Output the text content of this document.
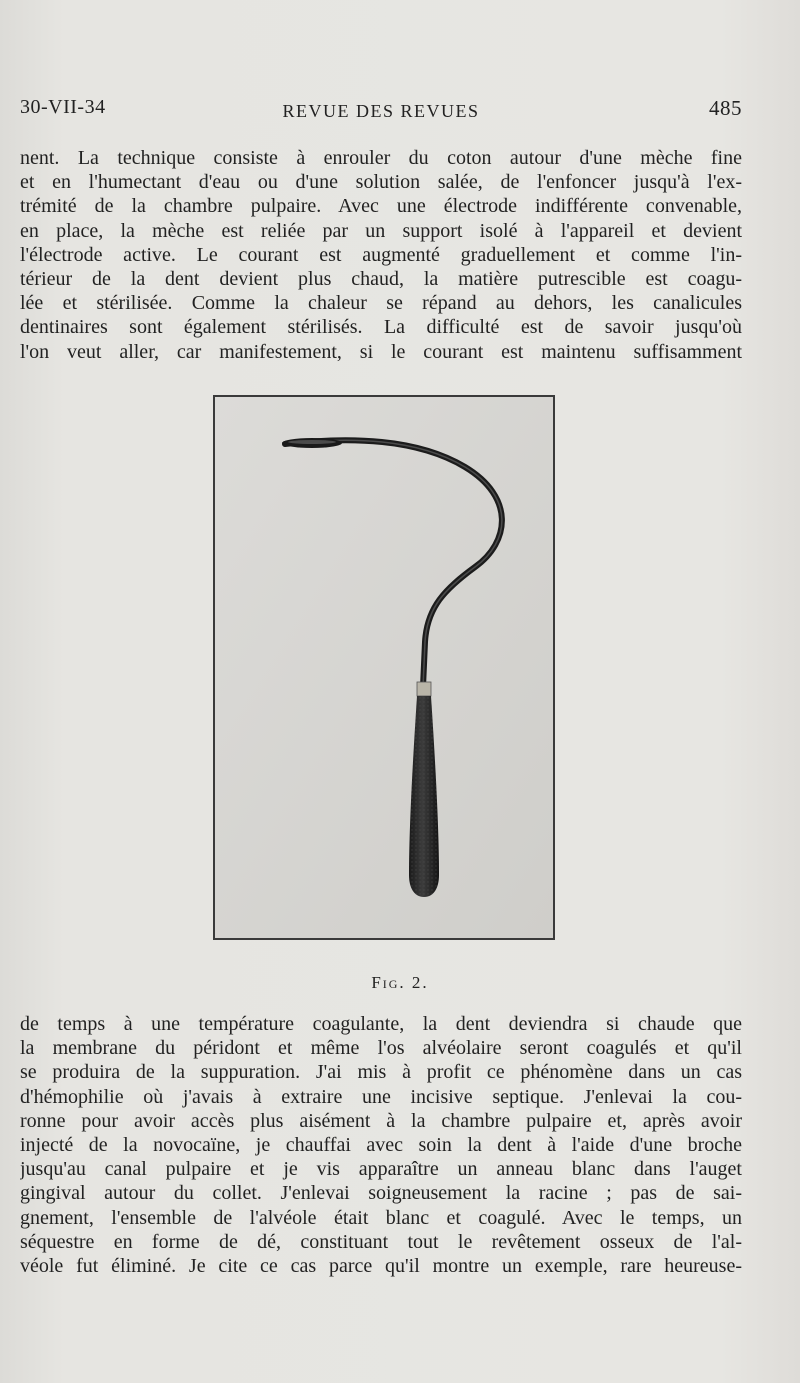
30-VII-34	REVUE DES REVUES	485
nent. La technique consiste à enrouler du coton autour d'une mèche fine
et en l'humectant d'eau ou d'une solution salée, de l'enfoncer jusqu'à l'ex-
trémité de la chambre pulpaire. Avec une électrode indifférente convenable,
en place, la mèche est reliée par un support isolé à l'appareil et devient
l'électrode active. Le courant est augmenté graduellement et comme l'in-
térieur de la dent devient plus chaud, la matière putrescible est coagu-
lée et stérilisée. Comme la chaleur se répand au dehors, les canalicules
dentinaires sont également stérilisés. La difficulté est de savoir jusqu'où
l'on veut aller, car manifestement, si le courant est maintenu suffisamment
Fig. 2.
de temps à une température coagulante, la dent deviendra si chaude que
la membrane du péridont et même l'os alvéolaire seront coagulés et qu'il
se produira de la suppuration. J'ai mis à profit ce phénomène dans un cas
d'hémophilie où j'avais à extraire une incisive septique. J'enlevai la cou-
ronne pour avoir accès plus aisément à la chambre pulpaire et, après avoir
injecté de la novocaïne, je chauffai avec soin la dent à l'aide d'une broche
jusqu'au canal pulpaire et je vis apparaître un anneau blanc dans l'auget
gingival autour du collet. J'enlevai soigneusement la racine ; pas de sai-
gnement, l'ensemble de l'alvéole était blanc et coagulé. Avec le temps, un
séquestre en forme de dé, constituant tout le revêtement osseux de l'al-
véole fut éliminé. Je cite ce cas parce qu'il montre un exemple, rare heureuse-
